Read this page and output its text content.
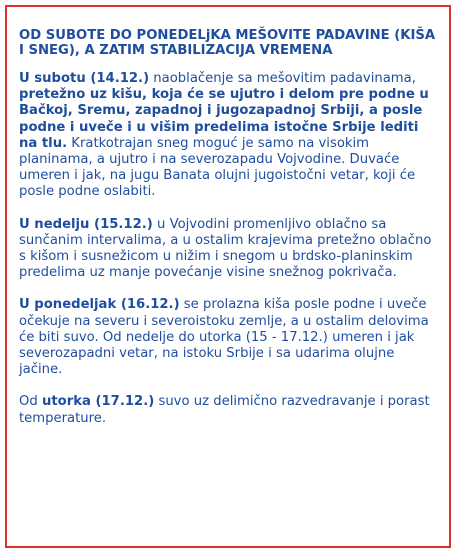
OD SUBOTE DO PONEDELjKA MEŠOVITE PADAVINE (KIŠA I SNEG), A ZATIM STABILIZACIJA VREMENA

U subotu (14.12.) naoblačenje sa mešovitim padavinama, pretežno uz kišu, koja će se ujutro i delom pre podne u Bačkoj, Sremu, zapadnoj i jugozapadnoj Srbiji, a posle podne i uveče i u višim predelima istočne Srbije lediti na tlu. Kratkotrajan sneg moguć je samo na visokim planinama, a ujutro i na severozapadu Vojvodine. Duvaće umeren i jak, na jugu Banata olujni jugoistočni vetar, koji će posle podne oslabiti.

U nedelju (15.12.) u Vojvodini promenljivo oblačno sa sunčanim intervalima, a u ostalim krajevima pretežno oblačno s kišom i susnežicom u nižim i snegom u brdsko-planinskim predelima uz manje povećanje visine snežnog pokrivača.

U ponedeljak (16.12.) se prolazna kiša posle podne i uveče očekuje na severu i severoistoku zemlje, a u ostalim delovima će biti suvo. Od nedelje do utorka (15 - 17.12.) umeren i jak severozapadni vetar, na istoku Srbije i sa udarima olujne jačine.

Od utorka (17.12.) suvo uz delimično razvedravanje i porast temperature.
